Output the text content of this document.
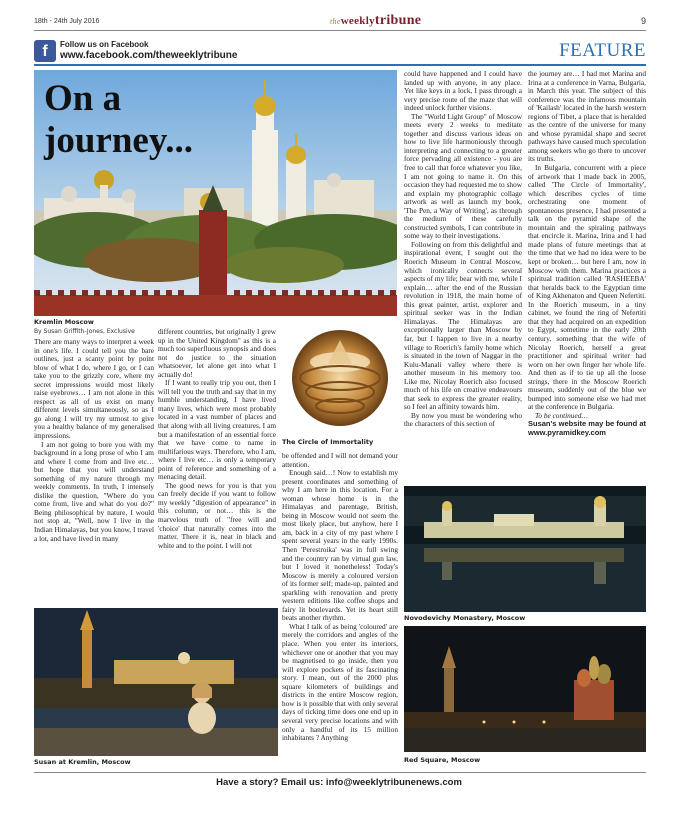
18th - 24th July 2016	theweeklytribune	9
f	Follow us on Facebook
www.facebook.com/theweeklytribune	FEATURE
On a
journey...
Kremlin Moscow
By Susan Griffith-Jones, Exclusive

There are many ways to interpret a week in one's life. I could tell you the bare outlines, just a scanty point by point blow of what I do, where I go, or I can take you to the grizzly core, where my secret impressions would most likely raise eyebrows… I am not alone in this respect as all of us exist on many different levels simultaneously, so as I go along I will try my utmost to give you a healthy balance of my generalised impressions.

I am not going to bore you with my background in a long prose of who I am and where I come from and live etc… but hope that you will understand something of my nature through my weekly comments. In truth, I intensely dislike the question, "Where do you come from, live and what do you do?" Being philosophical by nature, I would not stop at, "Well, now I live in the Indian Himalayas, but you know, I travel a lot, and have lived in many

different countries, but originally I grew up in the United Kingdom" as this is a much too superfluous synopsis and does not do justice to the situation whatsoever, let alone get into what I actually do!

If I want to really trip you out, then I will tell you the truth and say that in my humble understanding, I have lived many lives, which were most probably located in a vast number of places and that along with all living creatures, I am but a manifestation of an essential force that we have come to name in multifarious ways. Therefore, who I am, where I live etc… is only a temporary point of reference and something of a menacing detail.

The good news for you is that you can freely decide if you want to follow my weekly "digestion of appearance" in this column, or not… this is the marvelous truth of "free will and 'choice' that naturally comes into the matter. There it is, neat in black and white and to the point. I will not

The Circle of Immortality

be offended and I will not demand your attention.

Enough said…! Now to establish my present coordinates and something of why I am here in this location. For a woman whose home is in the Himalayas and parentage, British, being in Moscow would not seem the most likely place, but anyhow, here I am, back in a city of my past where I spent several years in the early 1990s. Then 'Perestroika' was in full swing and the country ran by virtual gun law, but I loved it nonetheless! Today's Moscow is merely a coloured version of its former self; made-up, painted and sparkling with renovation and pretty western editions like coffee shops and fairy lit boulevards. Yet its heart still beats another rhythm.

What I talk of as being 'coloured' are merely the corridors and angles of the place. When you enter its interiors, whichever one or another that you may be magnetised to go inside, then you will explore pockets of its fascinating story. I mean, out of the 2000 plus square kilometers of buildings and districts in the entire Moscow region, how is it possible that with only several days of ticking time does one end up in several very precise locations and with only a handful of its 15 million inhabitants ? Anything

Susan at Kremlin, Moscow

could have happened and I could have landed up with anyone, in any place. Yet like keys in a lock, I pass through a very precise route of the maze that will indeed unlock further visions.

The "World Light Group" of Moscow meets every 2 weeks to meditate together and discuss various ideas on how to live life harmoniously through interpreting and connecting to a greater force pervading all existence - you are free to call that force whatever you like, I am not going to name it. On this occasion they had requested me to show and explain my photographic collage artwork as well as launch my book, 'The Pen, a Way of Writing', as through the medium of these carefully constructed symbols, I can contribute in some way to their investigations.

Following on from this delightful and inspirational event, I sought out the Roerich Museum in Central Moscow, which ironically connects several aspects of my life; bear with me, while I explain… after the end of the Russian revolution in 1918, the main home of this great painter, artist, explorer and spiritual seeker was in the Indian Himalayas. The Himalayas are exceptionally larger than Moscow by far, but I happen to live in a nearby village to Roerich's family home which is situated in the town of Naggar in the Kulu-Manali valley where there is another museum in his memory too. Like me, Nicolay Roerich also focused much of his life on creative endeavours that seek to express the greater reality, so I feel an affinity towards him.

By now you must be wondering who the characters of this section of

the journey are… I had met Marina and Irina at a conference in Varna, Bulgaria, in March this year. The subject of this conference was the infamous mountain of 'Kailash' located in the harsh western regions of Tibet, a place that is heralded as the centre of the universe for many and whose pyramidal shape and secret pathways have caused much speculation among seekers who go there to uncover its truths.

In Bulgaria, concurrent with a piece of artwork that I made back in 2005, called 'The Circle of Immortality', which describes cycles of time orchestrating one moment of spontaneous presence, I had presented a talk on the pyramid shape of the mountain and the spiraling pathways that encircle it. Marina, Irina and I had made plans of future meetings that at the time that we had no idea were to be kept or broken… but here I am, now in Moscow with them. Marina practices a spiritual tradition called 'RASHEEBA' that heralds back to the Egyptian time of King Akhenaton and Queen Nefertiti. In the Roerich museum, in a tiny cabinet, we found the ring of Nefertiti that they had acquired on an expedition to Egypt, sometime in the early 20th century, something that the wife of Nicolay Roerich, herself a great practitioner and spiritual writer had worn on her own finger her whole life. And then as if to tie up all the loose strings, there in the Moscow Roerich museum, suddenly out of the blue we bumped into someone else we had met at the conference in Bulgaria.

To be continued…

Susan's website may be found at www.pyramidkey.com

Novodevichy Monastery, Moscow
Red Square, Moscow
Have a story? Email us: info@weeklytribunenews.com
